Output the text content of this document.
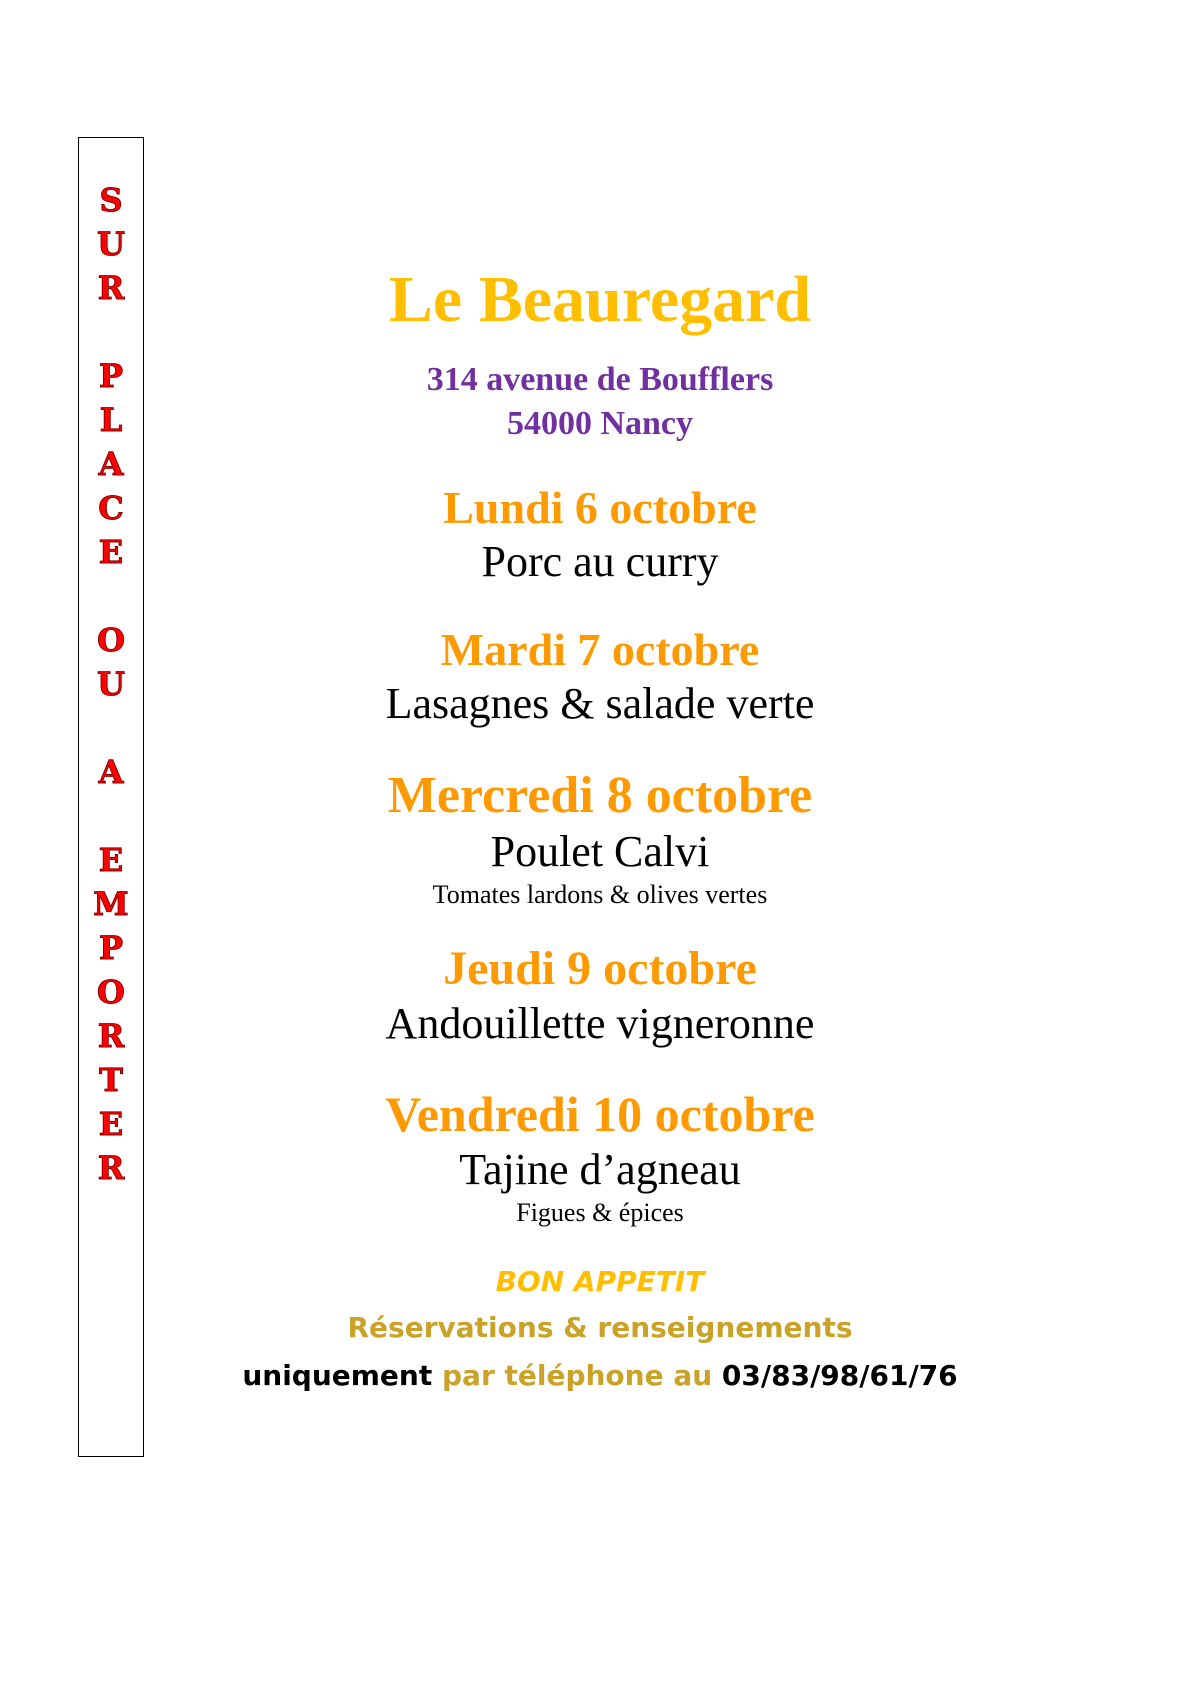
S
U
R
P
L
A
C
E
O
U
A
E
M
P
O
R
T
E
R
Le Beauregard
314 avenue de Boufflers
54000 Nancy
Lundi 6 octobre
Porc au curry
Mardi 7 octobre
Lasagnes & salade verte
Mercredi 8 octobre
Poulet Calvi
Tomates lardons & olives vertes
Jeudi 9 octobre
Andouillette vigneronne
Vendredi 10 octobre
Tajine d’agneau
Figues & épices
BON APPETIT
Réservations & renseignements
uniquement par téléphone au 03/83/98/61/76
